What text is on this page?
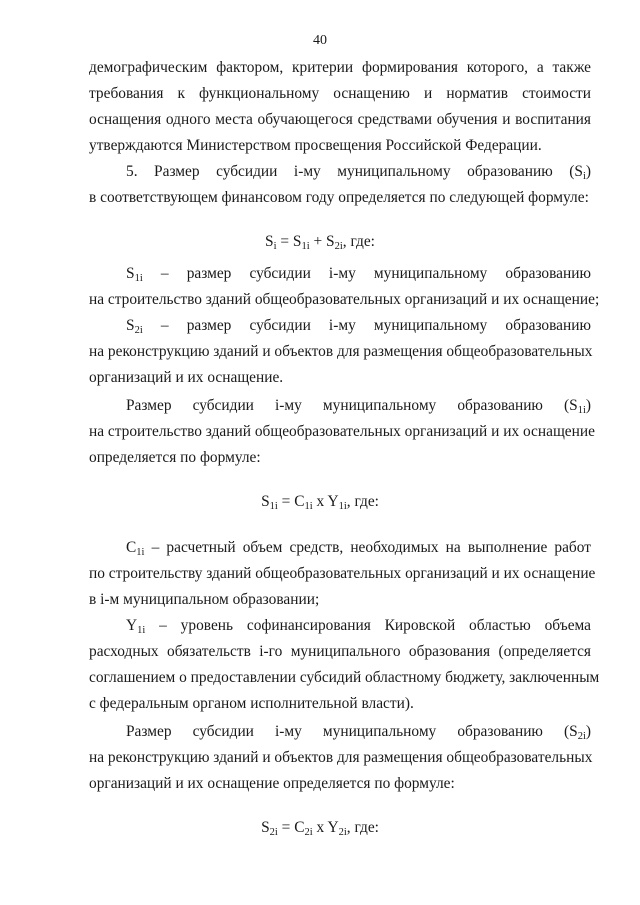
40
демографическим фактором, критерии формирования которого, а также
требования к функциональному оснащению и норматив стоимости
оснащения одного места обучающегося средствами обучения и воспитания
утверждаются Министерством просвещения Российской Федерации.
5. Размер субсидии i-му муниципальному образованию (Si)
в соответствующем финансовом году определяется по следующей формуле:
Si = S1i + S2i, где:
S1i – размер субсидии i-му муниципальному образованию
на строительство зданий общеобразовательных организаций и их оснащение;
S2i – размер субсидии i-му муниципальному образованию
на реконструкцию зданий и объектов для размещения общеобразовательных
организаций и их оснащение.
Размер субсидии i-му муниципальному образованию (S1i)
на строительство зданий общеобразовательных организаций и их оснащение
определяется по формуле:
S1i = C1i x Y1i, где:
C1i – расчетный объем средств, необходимых на выполнение работ
по строительству зданий общеобразовательных организаций и их оснащение
в i-м муниципальном образовании;
Y1i – уровень софинансирования Кировской областью объема
расходных обязательств i-го муниципального образования (определяется
соглашением о предоставлении субсидий областному бюджету, заключенным
с федеральным органом исполнительной власти).
Размер субсидии i-му муниципальному образованию (S2i)
на реконструкцию зданий и объектов для размещения общеобразовательных
организаций и их оснащение определяется по формуле:
S2i = C2i x Y2i, где:
